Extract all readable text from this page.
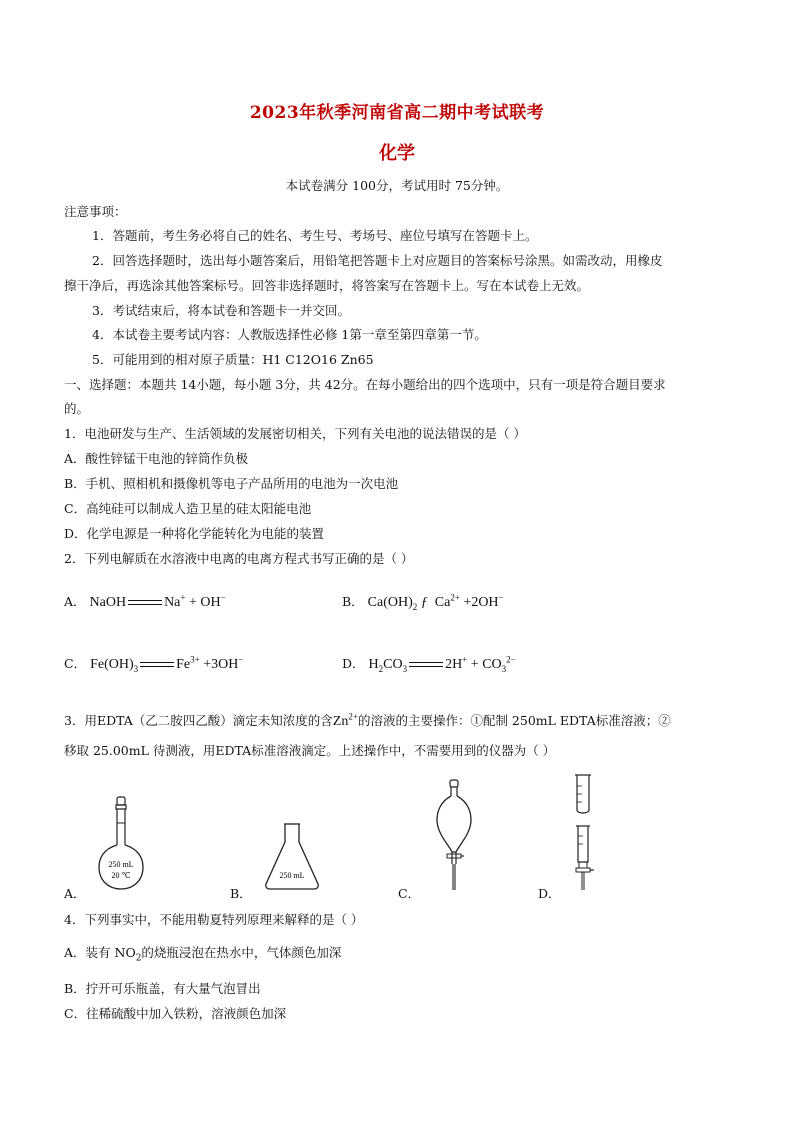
2023年秋季河南省高二期中考试联考
化学
本试卷满分 100分，考试用时 75分钟。
注意事项：
1．答题前，考生务必将自己的姓名、考生号、考场号、座位号填写在答题卡上。
2．回答选择题时，选出每小题答案后，用铅笔把答题卡上对应题目的答案标号涂黑。如需改动，用橡皮
擦干净后，再选涂其他答案标号。回答非选择题时，将答案写在答题卡上。写在本试卷上无效。
3．考试结束后，将本试卷和答题卡一并交回。
4．本试卷主要考试内容：人教版选择性必修 1第一章至第四章第一节。
5．可能用到的相对原子质量：H1 C12O16 Zn65
一、选择题：本题共 14小题，每小题 3分，共 42分。在每小题给出的四个选项中，只有一项是符合题目要求
的。
1．电池研发与生产、生活领域的发展密切相关，下列有关电池的说法错误的是（ ）
A．酸性锌锰干电池的锌筒作负极
B．手机、照相机和摄像机等电子产品所用的电池为一次电池
C．高纯硅可以制成人造卫星的硅太阳能电池
D．化学电源是一种将化学能转化为电能的装置
2．下列电解质在水溶液中电离的电离方程式书写正确的是（ ）
A． NaOH	Na+ + OH−	B． $Ca(OH)_2$ ƒ $Ca^{2+} +2OH^-$
C． $Fe(OH)_3$	$Fe^{3+} +3OH^-$	D． $H_2CO_3$	$2H^+ + CO_3^{2-}$
3．用EDTA（乙二胺四乙酸）滴定未知浓度的含$Zn^{2+}$的溶液的主要操作：①配制 250mL EDTA标准溶液；②
移取 25.00mL 待测液，用EDTA标准溶液滴定。上述操作中，不需要用到的仪器为（ ）
A．
250 mL
20 ℃
B．
250 mL
C．	D．
4．下列事实中，不能用勒夏特列原理来解释的是（ ）
A．装有 $NO_2$的烧瓶浸泡在热水中，气体颜色加深
B．拧开可乐瓶盖，有大量气泡冒出
C．往稀硫酸中加入铁粉，溶液颜色加深
